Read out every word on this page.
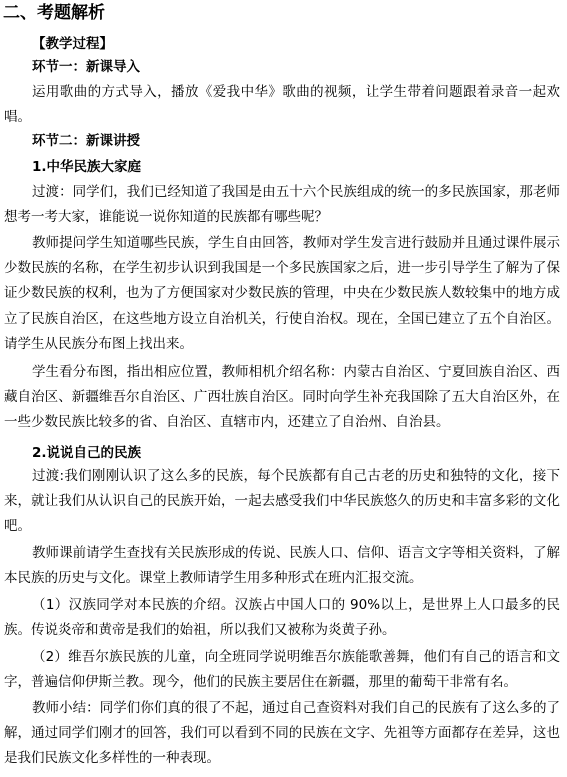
二、考题解析
【教学过程】
环节一：新课导入

运用歌曲的方式导入，播放《爱我中华》歌曲的视频，让学生带着问题跟着录音一起欢唱。

环节二：新课讲授
1.中华民族大家庭

过渡：同学们，我们已经知道了我国是由五十六个民族组成的统一的多民族国家，那老师想考一考大家，谁能说一说你知道的民族都有哪些呢？

教师提问学生知道哪些民族，学生自由回答，教师对学生发言进行鼓励并且通过课件展示少数民族的名称，在学生初步认识到我国是一个多民族国家之后，进一步引导学生了解为了保证少数民族的权利，也为了方便国家对少数民族的管理，中央在少数民族人数较集中的地方成立了民族自治区，在这些地方设立自治机关，行使自治权。现在，全国已建立了五个自治区。请学生从民族分布图上找出来。

学生看分布图，指出相应位置，教师相机介绍名称：内蒙古自治区、宁夏回族自治区、西藏自治区、新疆维吾尔自治区、广西壮族自治区。同时向学生补充我国除了五大自治区外，在一些少数民族比较多的省、自治区、直辖市内，还建立了自治州、自治县。

2.说说自己的民族

过渡:我们刚刚认识了这么多的民族，每个民族都有自己古老的历史和独特的文化，接下来，就让我们从认识自己的民族开始，一起去感受我们中华民族悠久的历史和丰富多彩的文化吧。

教师课前请学生查找有关民族形成的传说、民族人口、信仰、语言文字等相关资料，了解本民族的历史与文化。课堂上教师请学生用多种形式在班内汇报交流。

（1）汉族同学对本民族的介绍。汉族占中国人口的 90%以上，是世界上人口最多的民族。传说炎帝和黄帝是我们的始祖，所以我们又被称为炎黄子孙。

（2）维吾尔族民族的儿童，向全班同学说明维吾尔族能歌善舞，他们有自己的语言和文字，普遍信仰伊斯兰教。现今，他们的民族主要居住在新疆，那里的葡萄干非常有名。

教师小结：同学们你们真的很了不起，通过自己查资料对我们自己的民族有了这么多的了解，通过同学们刚才的回答，我们可以看到不同的民族在文字、先祖等方面都存在差异，这也是我们民族文化多样性的一种表现。
